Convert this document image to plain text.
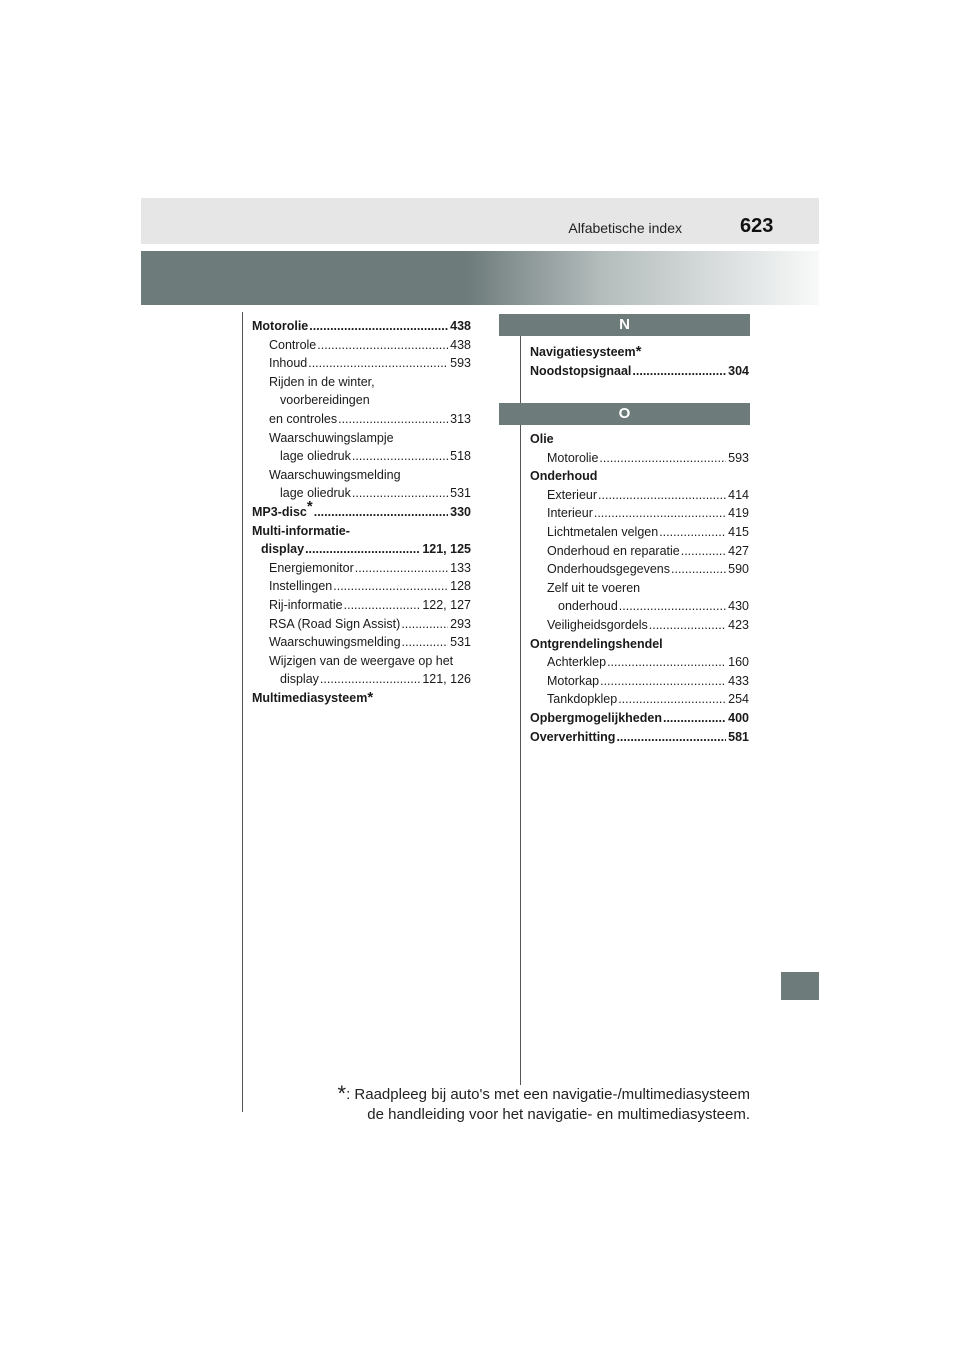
Alfabetische index	623
Motorolie .....	438
Controle .....	438
Inhoud .....	593
Rijden in de winter,
voorbereidingen
en controles .....	313
Waarschuwingslampje
lage oliedruk .....	518
Waarschuwingsmelding
lage oliedruk .....	531
MP3-disc* .....	330
Multi-informatie-
display .....	121, 125
Energiemonitor .....	133
Instellingen .....	128
Rij-informatie .....	122, 127
RSA (Road Sign Assist) .....	293
Waarschuwingsmelding .....	531
Wijzigen van de weergave op het
display .....	121, 126
Multimediasysteem *
N
Navigatiesysteem *
Noodstopsignaal .....	304
O
Olie
Motorolie .....	593
Onderhoud
Exterieur .....	414
Interieur .....	419
Lichtmetalen velgen .....	415
Onderhoud en reparatie .....	427
Onderhoudsgegevens .....	590
Zelf uit te voeren
onderhoud .....	430
Veiligheidsgordels .....	423
Ontgrendelingshendel
Achterklep .....	160
Motorkap .....	433
Tankdopklep .....	254
Opbergmogelijkheden .....	400
Oververhitting .....	581
*: Raadpleeg bij auto's met een navigatie-/multimediasysteem
de handleiding voor het navigatie- en multimediasysteem.
